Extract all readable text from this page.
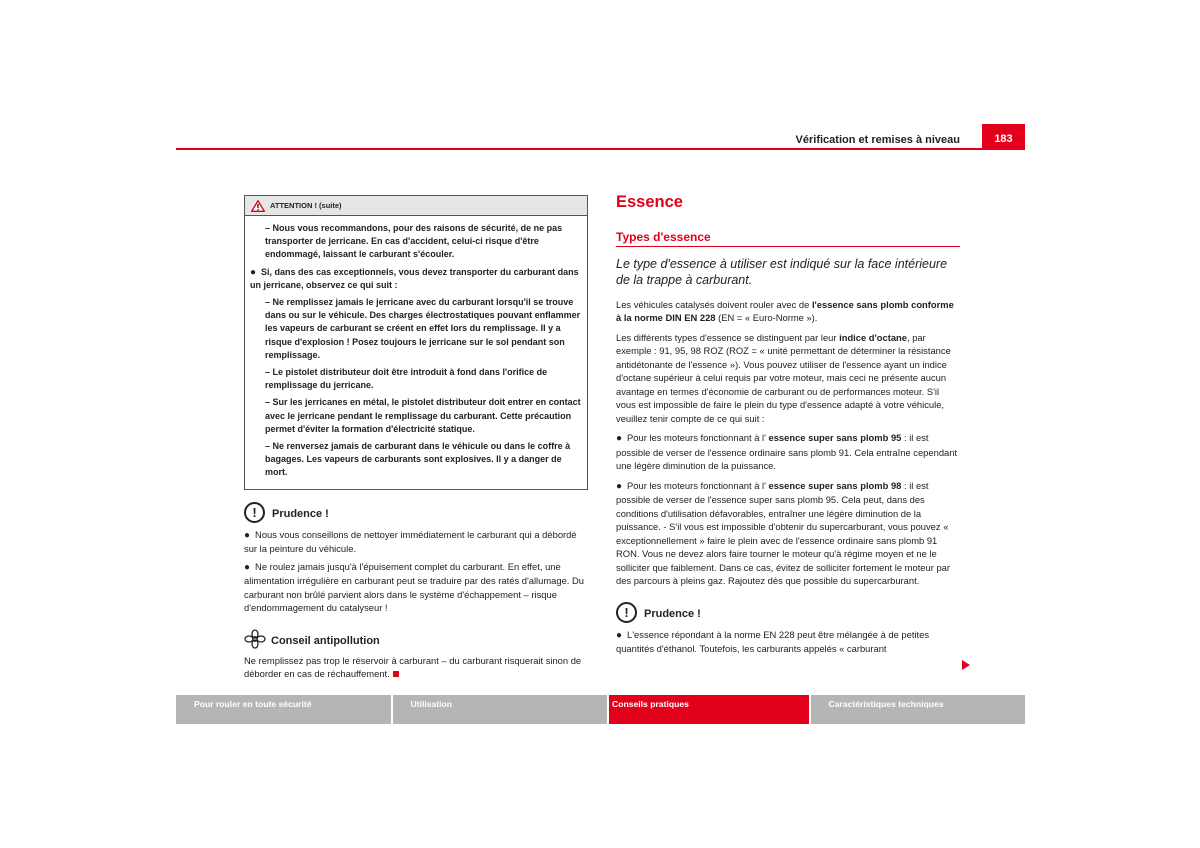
Vérification et remises à niveau	183
ATTENTION ! (suite)

– Nous vous recommandons, pour des raisons de sécurité, de ne pas transporter de jerricane. En cas d'accident, celui-ci risque d'être endommagé, laissant le carburant s'écouler.

● Si, dans des cas exceptionnels, vous devez transporter du carburant dans un jerricane, observez ce qui suit :

– Ne remplissez jamais le jerricane avec du carburant lorsqu'il se trouve dans ou sur le véhicule. Des charges électrostatiques pouvant enflammer les vapeurs de carburant se créent en effet lors du remplissage. Il y a risque d'explosion ! Posez toujours le jerricane sur le sol pendant son remplissage.

– Le pistolet distributeur doit être introduit à fond dans l'orifice de remplissage du jerricane.

– Sur les jerricanes en métal, le pistolet distributeur doit entrer en contact avec le jerricane pendant le remplissage du carburant. Cette précaution permet d'éviter la formation d'électricité statique.

– Ne renversez jamais de carburant dans le véhicule ou dans le coffre à bagages. Les vapeurs de carburants sont explosives. Il y a danger de mort.

!	Prudence !

● Nous vous conseillons de nettoyer immédiatement le carburant qui a débordé sur la peinture du véhicule.

● Ne roulez jamais jusqu'à l'épuisement complet du carburant. En effet, une alimentation irrégulière en carburant peut se traduire par des ratés d'allumage. Du carburant non brûlé parvient alors dans le système d'échappement – risque d'endommagement du catalyseur !

Conseil antipollution

Ne remplissez pas trop le réservoir à carburant – du carburant risquerait sinon de déborder en cas de réchauffement.

Essence
Types d'essence
Le type d'essence à utiliser est indiqué sur la face intérieure de la trappe à carburant.

Les véhicules catalysés doivent rouler avec de l'essence sans plomb conforme à la norme DIN EN 228 (EN = « Euro-Norme »).

Les différents types d'essence se distinguent par leur indice d'octane, par exemple : 91, 95, 98 ROZ (ROZ = « unité permettant de déterminer la résistance antidétonante de l'essence »). Vous pouvez utiliser de l'essence ayant un indice d'octane supérieur à celui requis par votre moteur, mais ceci ne présente aucun avantage en termes d'économie de carburant ou de performances moteur. S'il vous est impossible de faire le plein du type d'essence adapté à votre véhicule, veuillez tenir compte de ce qui suit :

● Pour les moteurs fonctionnant à l' essence super sans plomb 95 : il est possible de verser de l'essence ordinaire sans plomb 91. Cela entraîne cependant une légère diminution de la puissance.

● Pour les moteurs fonctionnant à l' essence super sans plomb 98 : il est possible de verser de l'essence super sans plomb 95. Cela peut, dans des conditions d'utilisation défavorables, entraîner une légère diminution de la puissance. - S'il vous est impossible d'obtenir du supercarburant, vous pouvez « exceptionnellement » faire le plein avec de l'essence ordinaire sans plomb 91 RON. Vous ne devez alors faire tourner le moteur qu'à régime moyen et ne le solliciter que faiblement. Dans ce cas, évitez de solliciter fortement le moteur par des parcours à pleins gaz. Rajoutez dès que possible du supercarburant.

!	Prudence !

● L'essence répondant à la norme EN 228 peut être mélangée à de petites quantités d'éthanol. Toutefois, les carburants appelés « carburant

Pour rouler en toute sécurité	Utilisation	Conseils pratiques	Caractéristiques techniques
